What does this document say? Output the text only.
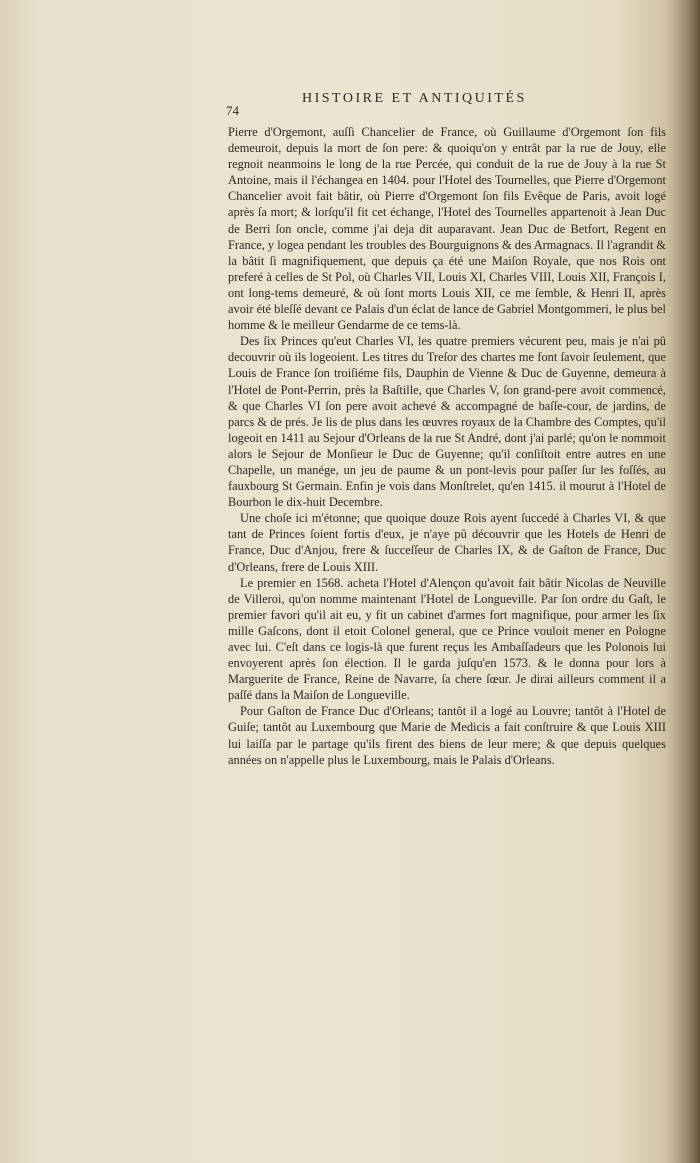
74
HISTOIRE ET ANTIQUITÉS

Pierre d'Orgemont, auſſi Chancelier de France, où Guillaume d'Orgemont ſon fils demeuroit, depuis la mort de ſon pere: & quoiqu'on y entrât par la rue de Jouy, elle regnoit neanmoins le long de la rue Percée, qui conduit de la rue de Jouy à la rue St Antoine, mais il l'échangea en 1404. pour l'Hotel des Tournelles, que Pierre d'Orgemont Chancelier avoit fait bâtir, où Pierre d'Orgemont ſon fils Evêque de Paris, avoit logé après ſa mort; & lorſqu'il fit cet échange, l'Hotel des Tournelles appartenoit à Jean Duc de Berri ſon oncle, comme j'ai deja dit auparavant. Jean Duc de Betfort, Regent en France, y logea pendant les troubles des Bourguignons & des Armagnacs. Il l'agrandit & la bâtit ſi magnifiquement, que depuis ça été une Maiſon Royale, que nos Rois ont preferé à celles de St Pol, où Charles VII, Louis XI, Charles VIII, Louis XII, François I, ont long-tems demeuré, & où ſont morts Louis XII, ce me ſemble, & Henri II, après avoir été bleſſé devant ce Palais d'un éclat de lance de Gabriel Montgommeri, le plus bel homme & le meilleur Gendarme de ce tems-là.

Des ſix Princes qu'eut Charles VI, les quatre premiers vécurent peu, mais je n'ai pû decouvrir où ils logeoient. Les titres du Treſor des chartes me font ſavoir ſeulement, que Louis de France ſon troiſiéme fils, Dauphin de Vienne & Duc de Guyenne, demeura à l'Hotel de Pont-Perrin, près la Baſtille, que Charles V, ſon grand-pere avoit commencé, & que Charles VI ſon pere avoit achevé & accompagné de baſſe-cour, de jardins, de parcs & de prés. Je lis de plus dans les œuvres royaux de la Chambre des Comptes, qu'il logeoit en 1411 au Sejour d'Orleans de la rue St André, dont j'ai parlé; qu'on le nommoit alors le Sejour de Monſieur le Duc de Guyenne; qu'il conſiſtoit entre autres en une Chapelle, un manége, un jeu de paume & un pont-levis pour paſſer ſur les foſſés, au fauxbourg St Germain. Enfin je vois dans Monſtrelet, qu'en 1415. il mourut à l'Hotel de Bourbon le dix-huit Decembre.

Une choſe ici m'étonne; que quoique douze Rois ayent ſuccedé à Charles VI, & que tant de Princes ſoient fortis d'eux, je n'aye pû découvrir que les Hotels de Henri de France, Duc d'Anjou, frere & ſucceſſeur de Charles IX, & de Gaſton de France, Duc d'Orleans, frere de Louis XIII.

Le premier en 1568. acheta l'Hotel d'Alençon qu'avoit fait bâtir Nicolas de Neuville de Villeroi, qu'on nomme maintenant l'Hotel de Longueville. Par ſon ordre du Gaſt, le premier favori qu'il ait eu, y fit un cabinet d'armes fort magnifique, pour armer les ſix mille Gaſcons, dont il etoit Colonel general, que ce Prince vouloit mener en Pologne avec lui. C'eſt dans ce logis-là que furent reçus les Ambaſſadeurs que les Polonois lui envoyerent après ſon élection. Il le garda juſqu'en 1573. & le donna pour lors à Marguerite de France, Reine de Navarre, ſa chere ſœur. Je dirai ailleurs comment il a paſſé dans la Maiſon de Longueville.

Pour Gaſton de France Duc d'Orleans; tantôt il a logé au Louvre; tantôt à l'Hotel de Guiſe; tantôt au Luxembourg que Marie de Medicis a fait conſtruire & que Louis XIII lui laiſſa par le partage qu'ils firent des biens de leur mere; & que depuis quelques années on n'appelle plus le Luxembourg, mais le Palais d'Orleans.
